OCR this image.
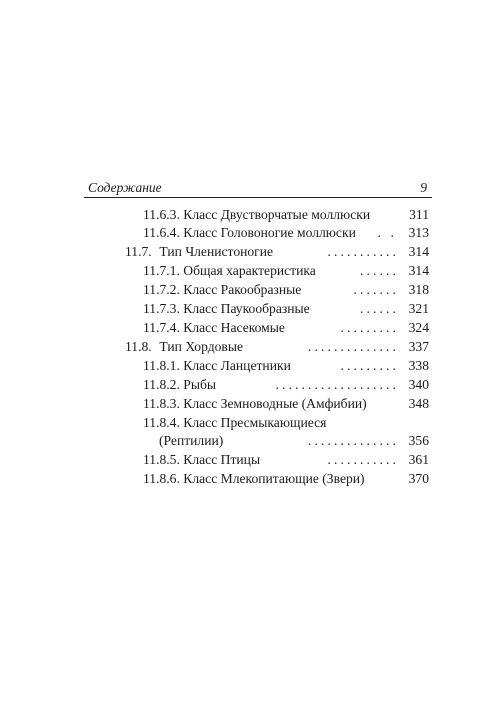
Содержание	9
11.6.3. Класс Двустворчатые моллюски	311
11.6.4. Класс Головоногие моллюски . . 313
11.7. Тип Членистоногие	........... 314
11.7.1. Общая характеристика	...... 314
11.7.2. Класс Ракообразные	....... 318
11.7.3. Класс Паукообразные	...... 321
11.7.4. Класс Насекомые	......... 324
11.8. Тип Хордовые	.............. 337
11.8.1. Класс Ланцетники	......... 338
11.8.2. Рыбы	................... 340
11.8.3. Класс Земноводные (Амфибии)	348
11.8.4. Класс Пресмыкающиеся
(Рептилии)	.............. 356
11.8.5. Класс Птицы	........... 361
11.8.6. Класс Млекопитающие (Звери)	370
